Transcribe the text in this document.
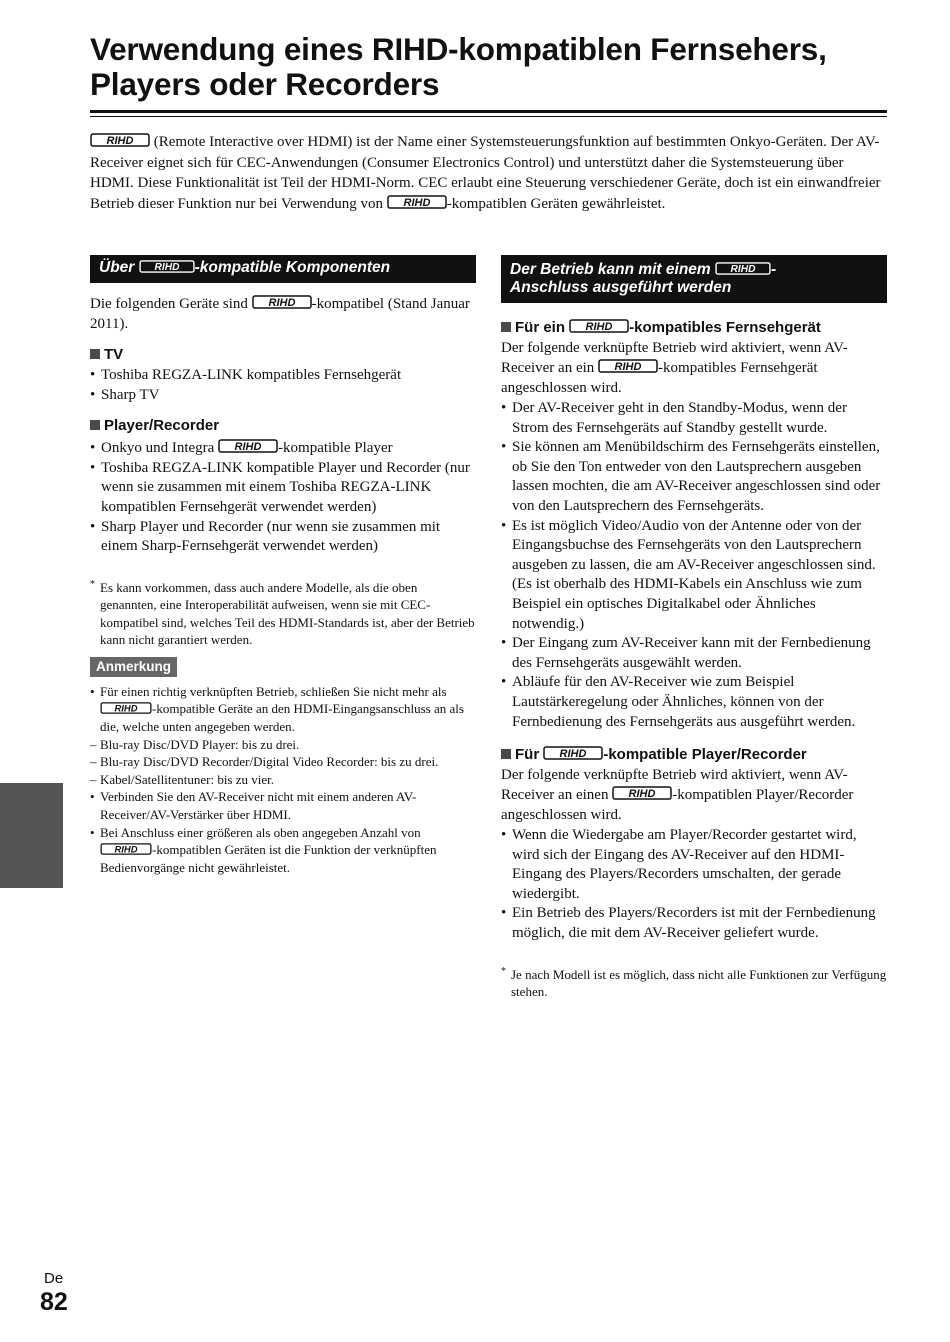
Verwendung eines RIHD-kompatiblen Fernsehers,
Players oder Recorders

RIHD (Remote Interactive over HDMI) ist der Name einer Systemsteuerungsfunktion auf bestimmten Onkyo-Geräten. Der AV-Receiver eignet sich für CEC-Anwendungen (Consumer Electronics Control) und unterstützt daher die Systemsteuerung über HDMI. Diese Funktionalität ist Teil der HDMI-Norm. CEC erlaubt eine Steuerung verschiedener Geräte, doch ist ein einwandfreier Betrieb dieser Funktion nur bei Verwendung von RIHD -kompatiblen Geräten gewährleistet.

Über RIHD -kompatible Komponenten

Die folgenden Geräte sind RIHD -kompatibel (Stand Januar 2011).

TV
• Toshiba REGZA-LINK kompatibles Fernsehgerät
• Sharp TV
Player/Recorder
• Onkyo und Integra RIHD -kompatible Player
• Toshiba REGZA-LINK kompatible Player und Recorder (nur wenn sie zusammen mit einem Toshiba REGZA-LINK kompatiblen Fernsehgerät verwendet werden)
• Sharp Player und Recorder (nur wenn sie zusammen mit einem Sharp-Fernsehgerät verwendet werden)

* Es kann vorkommen, dass auch andere Modelle, als die oben genannten, eine Interoperabilität aufweisen, wenn sie mit CEC-kompatibel sind, welches Teil des HDMI-Standards ist, aber der Betrieb kann nicht garantiert werden.

Anmerkung
• Für einen richtig verknüpften Betrieb, schließen Sie nicht mehr als
RIHD -kompatible Geräte an den HDMI-Eingangsanschluss an als die, welche unten angegeben werden.
– Blu-ray Disc/DVD Player: bis zu drei.
– Blu-ray Disc/DVD Recorder/Digital Video Recorder: bis zu drei.
– Kabel/Satellitentuner: bis zu vier.
• Verbinden Sie den AV-Receiver nicht mit einem anderen AV-Receiver/AV-Verstärker über HDMI.
• Bei Anschluss einer größeren als oben angegeben Anzahl von

RIHD -kompatiblen Geräten ist die Funktion der verknüpften Bedienvorgänge nicht gewährleistet.
Der Betrieb kann mit einem RIHD -
Anschluss ausgeführt werden
Für ein RIHD -kompatibles Fernsehgerät

Der folgende verknüpfte Betrieb wird aktiviert, wenn AV-Receiver an ein RIHD -kompatibles Fernsehgerät angeschlossen wird.

• Der AV-Receiver geht in den Standby-Modus, wenn der Strom des Fernsehgeräts auf Standby gestellt wurde.
• Sie können am Menübildschirm des Fernsehgeräts einstellen, ob Sie den Ton entweder von den Lautsprechern ausgeben lassen mochten, die am AV-Receiver angeschlossen sind oder von den Lautsprechern des Fernsehgeräts.
• Es ist möglich Video/Audio von der Antenne oder von der Eingangsbuchse des Fernsehgeräts von den Lautsprechern ausgeben zu lassen, die am AV-Receiver angeschlossen sind. (Es ist oberhalb des HDMI-Kabels ein Anschluss wie zum Beispiel ein optisches Digitalkabel oder Ähnliches notwendig.)
• Der Eingang zum AV-Receiver kann mit der Fernbedienung des Fernsehgeräts ausgewählt werden.
• Abläufe für den AV-Receiver wie zum Beispiel Lautstärkeregelung oder Ähnliches, können von der Fernbedienung des Fernsehgeräts aus ausgeführt werden.
Für RIHD -kompatible Player/Recorder

Der folgende verknüpfte Betrieb wird aktiviert, wenn AV-Receiver an einen RIHD -kompatiblen Player/Recorder angeschlossen wird.

• Wenn die Wiedergabe am Player/Recorder gestartet wird, wird sich der Eingang des AV-Receiver auf den HDMI-Eingang des Players/Recorders umschalten, der gerade wiedergibt.
• Ein Betrieb des Players/Recorders ist mit der Fernbedienung möglich, die mit dem AV-Receiver geliefert wurde.

* Je nach Modell ist es möglich, dass nicht alle Funktionen zur Verfügung stehen.

De

82
